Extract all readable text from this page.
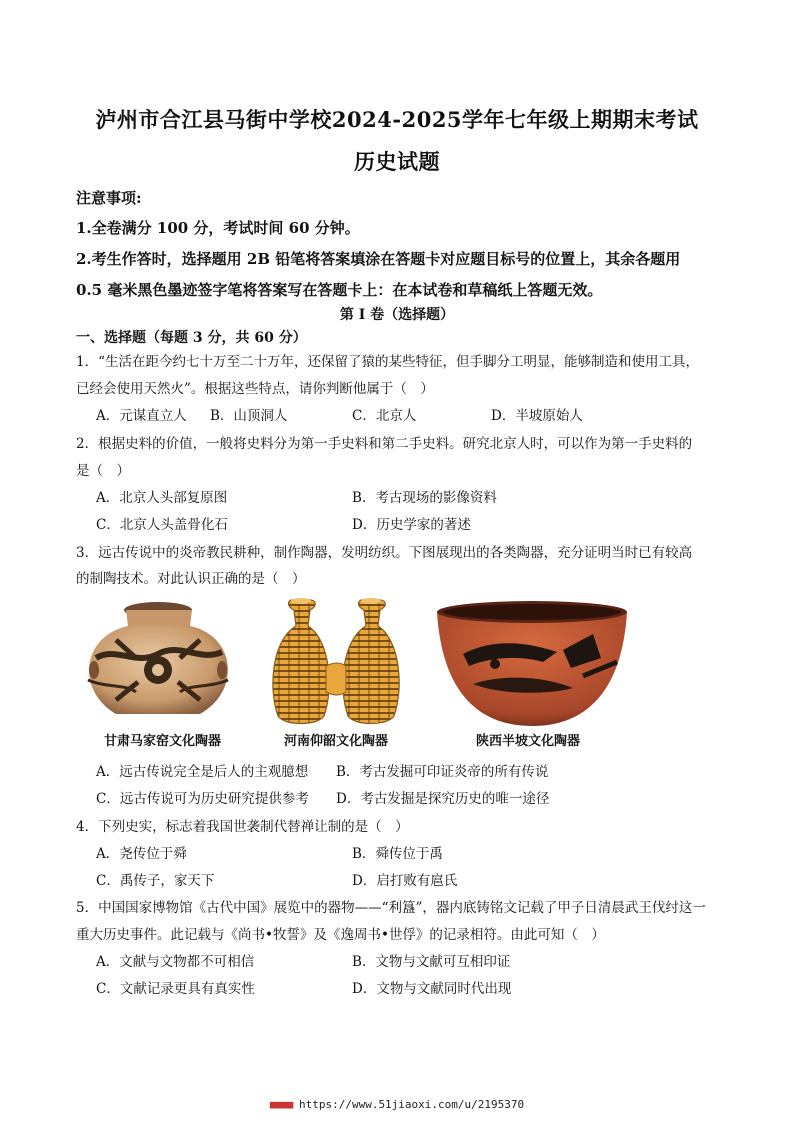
泸州市合江县马街中学校2024-2025学年七年级上期期末考试
历史试题
注意事项:
1.全卷满分 100 分，考试时间 60 分钟。
2.考生作答时，选择题用 2B 铅笔将答案填涂在答题卡对应题目标号的位置上，其余各题用
0.5 毫米黑色墨迹签字笔将答案写在答题卡上：在本试卷和草稿纸上答题无效。
第 I 卷（选择题）
一、选择题（每题 3 分，共 60 分）
1．“生活在距今约七十万至二十万年，还保留了猿的某些特征，但手脚分工明显，能够制造和使用工具，
已经会使用天然火”。根据这些特点，请你判断他属于（　）
A．元谋直立人 B．山顶洞人	C．北京人	D．半坡原始人
2．根据史料的价值，一般将史料分为第一手史料和第二手史料。研究北京人时，可以作为第一手史料的
是（　）
A．北京人头部复原图	B．考古现场的影像资料
C．北京人头盖骨化石	D．历史学家的著述
3．远古传说中的炎帝教民耕种，制作陶器，发明纺织。下图展现出的各类陶器，充分证明当时已有较高
的制陶技术。对此认识正确的是（　）
甘肃马家窑文化陶器	河南仰韶文化陶器	陕西半坡文化陶器
A．远古传说完全是后人的主观臆想 B．考古发掘可印证炎帝的所有传说
C．远古传说可为历史研究提供参考 D．考古发掘是探究历史的唯一途径
4．下列史实，标志着我国世袭制代替禅让制的是（　）
A．尧传位于舜	B．舜传位于禹
C．禹传子，家天下	D．启打败有扈氏
5．中国国家博物馆《古代中国》展览中的器物——“利簋”，器内底铸铭文记载了甲子日清晨武王伐纣这一
重大历史事件。此记载与《尚书•牧誓》及《逸周书•世俘》的记录相符。由此可知（　）
A．文献与文物都不可相信	B．文物与文献可互相印证
C．文献记录更具有真实性	D．文物与文献同时代出现
■■■■ https://www.51jiaoxi.com/u/2195370
